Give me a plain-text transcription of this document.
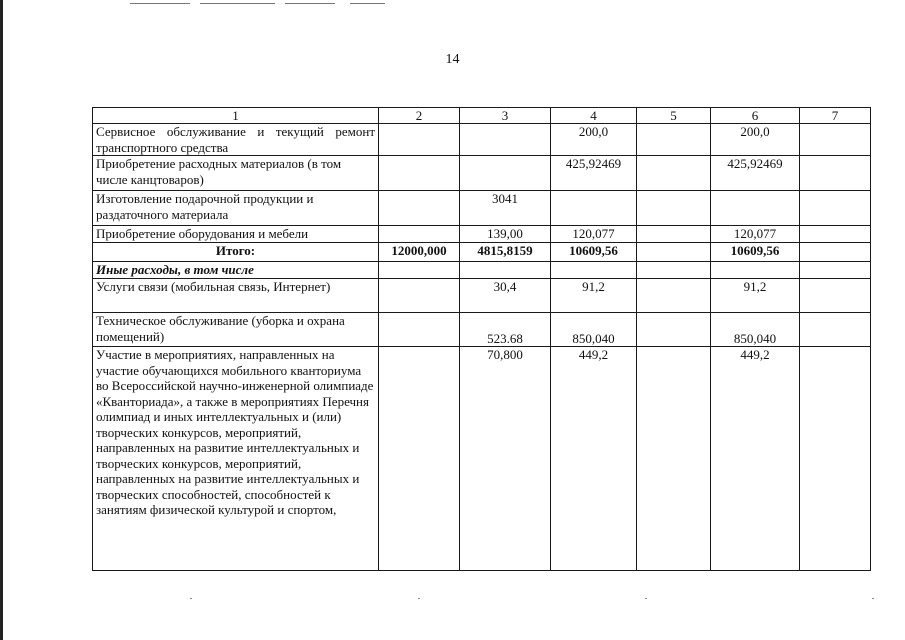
14
1	2	3	4	5	6	7
Сервисное обслуживание и текущий ремонт транспортного средства			200,0		200,0	
Приобретение расходных материалов (в том числе канцтоваров)			425,92469		425,92469	
Изготовление подарочной продукции и раздаточного материала		3041				
Приобретение оборудования и мебели		139,00	120,077		120,077	
Итого:	12000,000	4815,8159	10609,56		10609,56	
Иные расходы, в том числе						
Услуги связи (мобильная связь, Интернет)		30,4	91,2		91,2	
Техническое обслуживание (уборка и охрана помещений)		523.68	850,040		850,040	
Участие в мероприятиях, направленных на участие обучающихся мобильного кванториума во Всероссийской научно-инженерной олимпиаде «Кванториада», а также в мероприятиях Перечня олимпиад и иных интеллектуальных и (или) творческих конкурсов, мероприятий, направленных на развитие интеллектуальных и творческих конкурсов, мероприятий, направленных на развитие интеллектуальных и творческих способностей, способностей к занятиям физической культурой и спортом,		70,800	449,2		449,2	
